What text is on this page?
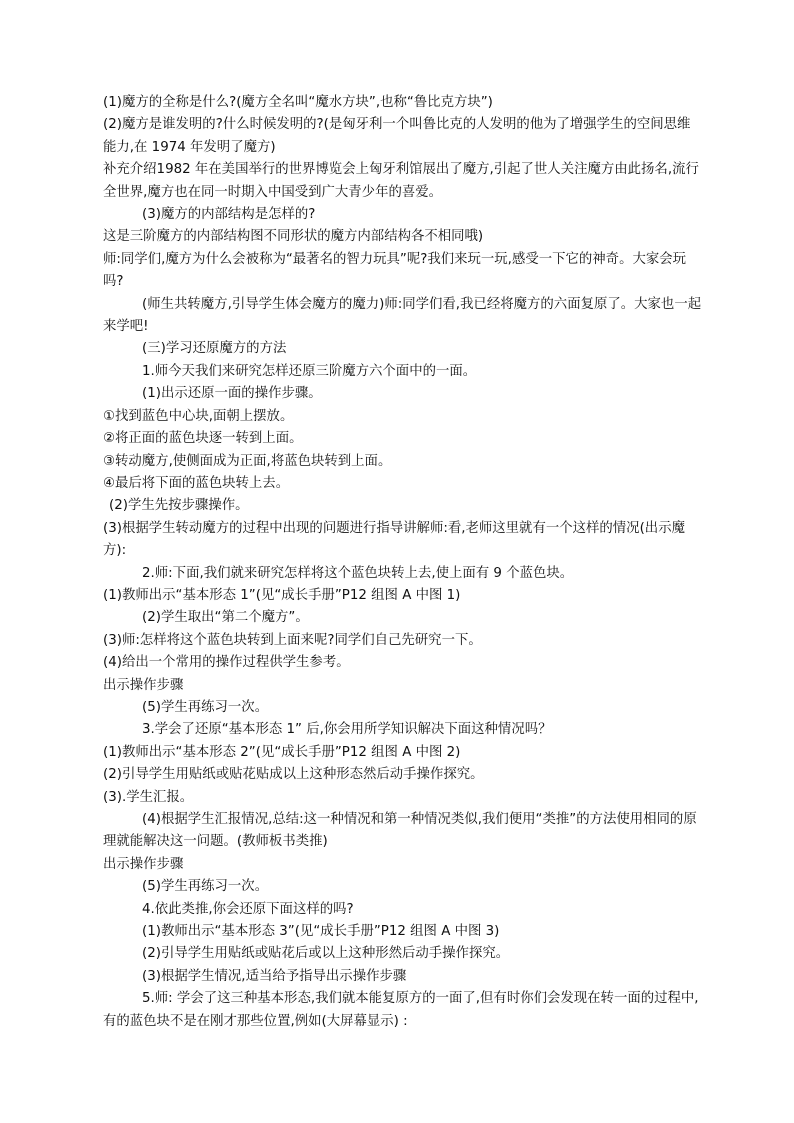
(1)魔方的全称是什么?(魔方全名叫“魔水方块”,也称“鲁比克方块”)

(2)魔方是谁发明的?什么时候发明的?(是匈牙利一个叫鲁比克的人发明的他为了增强学生的空间思维能力,在 1974 年发明了魔方)

补充介绍1982 年在美国举行的世界博览会上匈牙利馆展出了魔方,引起了世人关注魔方由此扬名,流行全世界,魔方也在同一时期入中国受到广大青少年的喜爱。

(3)魔方的内部结构是怎样的?

这是三阶魔方的内部结构图不同形状的魔方内部结构各不相同哦)

师:同学们,魔方为什么会被称为“最著名的智力玩具”呢?我们来玩一玩,感受一下它的神奇。大家会玩吗?

(师生共转魔方,引导学生体会魔方的魔力)师:同学们看,我已经将魔方的六面复原了。大家也一起来学吧!

(三)学习还原魔方的方法

1.师今天我们来研究怎样还原三阶魔方六个面中的一面。

(1)出示还原一面的操作步骤。

①找到蓝色中心块,面朝上摆放。

②将正面的蓝色块逐一转到上面。

③转动魔方,使侧面成为正面,将蓝色块转到上面。

④最后将下面的蓝色块转上去。

(2)学生先按步骤操作。

(3)根据学生转动魔方的过程中出现的问题进行指导讲解师:看,老师这里就有一个这样的情况(出示魔方):

2.师:下面,我们就来研究怎样将这个蓝色块转上去,使上面有 9 个蓝色块。

(1)教师出示“基本形态 1”(见“成长手册”P12 组图 A 中图 1)

(2)学生取出“第二个魔方”。

(3)师:怎样将这个蓝色块转到上面来呢?同学们自己先研究一下。

(4)给出一个常用的操作过程供学生参考。

出示操作步骤

(5)学生再练习一次。

3.学会了还原“基本形态 1” 后,你会用所学知识解决下面这种情况吗？

(1)教师出示“基本形态 2”(见“成长手册”P12 组图 A 中图 2)

(2)引导学生用贴纸或贴花贴成以上这种形态然后动手操作探究。

(3).学生汇报。

(4)根据学生汇报情况,总结:这一种情况和第一种情况类似,我们便用“类推”的方法使用相同的原理就能解决这一问题。(教师板书类推)

出示操作步骤

(5)学生再练习一次。

4.依此类推,你会还原下面这样的吗?

(1)教师出示“基本形态 3”(见“成长手册”P12 组图 A 中图 3)

(2)引导学生用贴纸或贴花后或以上这种形然后动手操作探究。

(3)根据学生情况,适当给予指导出示操作步骤

5.师: 学会了这三种基本形态,我们就本能复原方的一面了,但有时你们会发现在转一面的过程中,有的蓝色块不是在刚才那些位置,例如(大屏幕显示) :
